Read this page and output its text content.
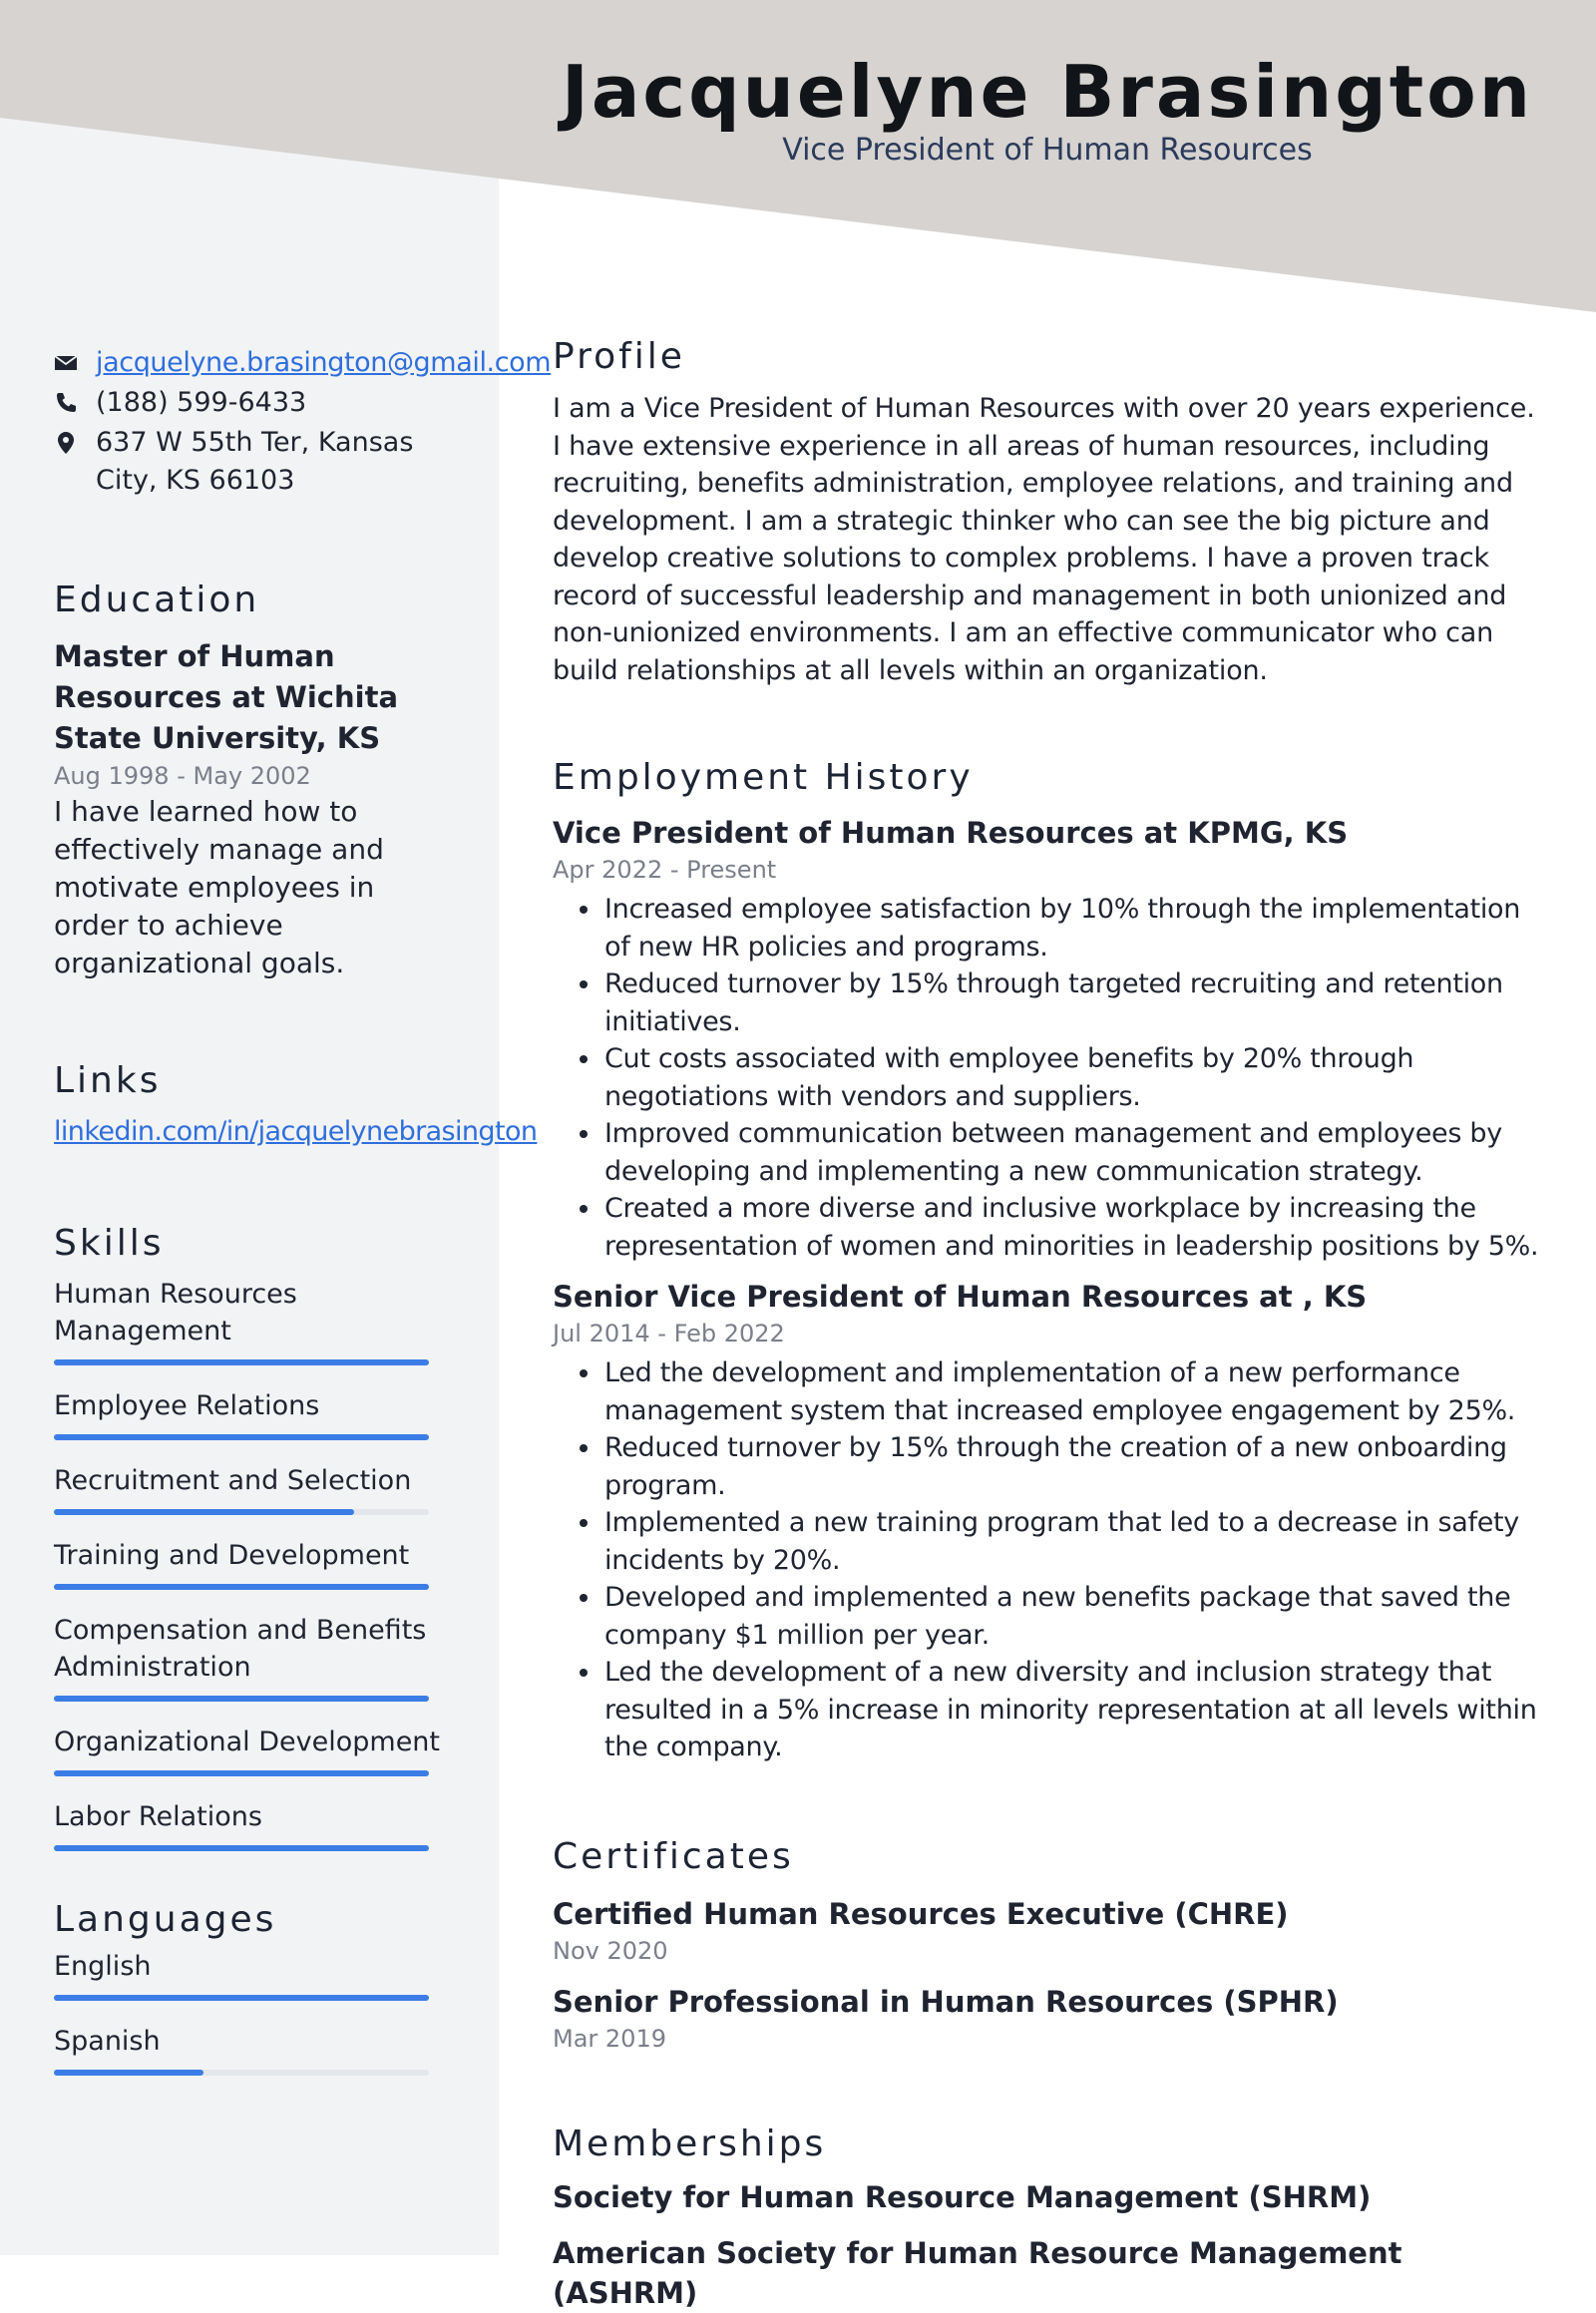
Jacquelyne Brasington
Vice President of Human Resources
jacquelyne.brasington@gmail.com
(188) 599-6433
637 W 55th Ter, Kansas City, KS 66103
Education
Master of Human Resources at Wichita State University, KS
Aug 1998 - May 2002
I have learned how to effectively manage and motivate employees in order to achieve organizational goals.
Links
linkedin.com/in/jacquelynebrasington
Skills
Human Resources Management
Employee Relations
Recruitment and Selection
Training and Development
Compensation and Benefits Administration
Organizational Development
Labor Relations
Languages
English
Spanish
Profile
I am a Vice President of Human Resources with over 20 years experience. I have extensive experience in all areas of human resources, including recruiting, benefits administration, employee relations, and training and development. I am a strategic thinker who can see the big picture and develop creative solutions to complex problems. I have a proven track record of successful leadership and management in both unionized and non-unionized environments. I am an effective communicator who can build relationships at all levels within an organization.
Employment History
Vice President of Human Resources at KPMG, KS
Apr 2022 - Present
Increased employee satisfaction by 10% through the implementation of new HR policies and programs.
Reduced turnover by 15% through targeted recruiting and retention initiatives.
Cut costs associated with employee benefits by 20% through negotiations with vendors and suppliers.
Improved communication between management and employees by developing and implementing a new communication strategy.
Created a more diverse and inclusive workplace by increasing the representation of women and minorities in leadership positions by 5%.
Senior Vice President of Human Resources at , KS
Jul 2014 - Feb 2022
Led the development and implementation of a new performance management system that increased employee engagement by 25%.
Reduced turnover by 15% through the creation of a new onboarding program.
Implemented a new training program that led to a decrease in safety incidents by 20%.
Developed and implemented a new benefits package that saved the company $1 million per year.
Led the development of a new diversity and inclusion strategy that resulted in a 5% increase in minority representation at all levels within the company.
Certificates
Certified Human Resources Executive (CHRE)
Nov 2020
Senior Professional in Human Resources (SPHR)
Mar 2019
Memberships
Society for Human Resource Management (SHRM)
American Society for Human Resource Management (ASHRM)
